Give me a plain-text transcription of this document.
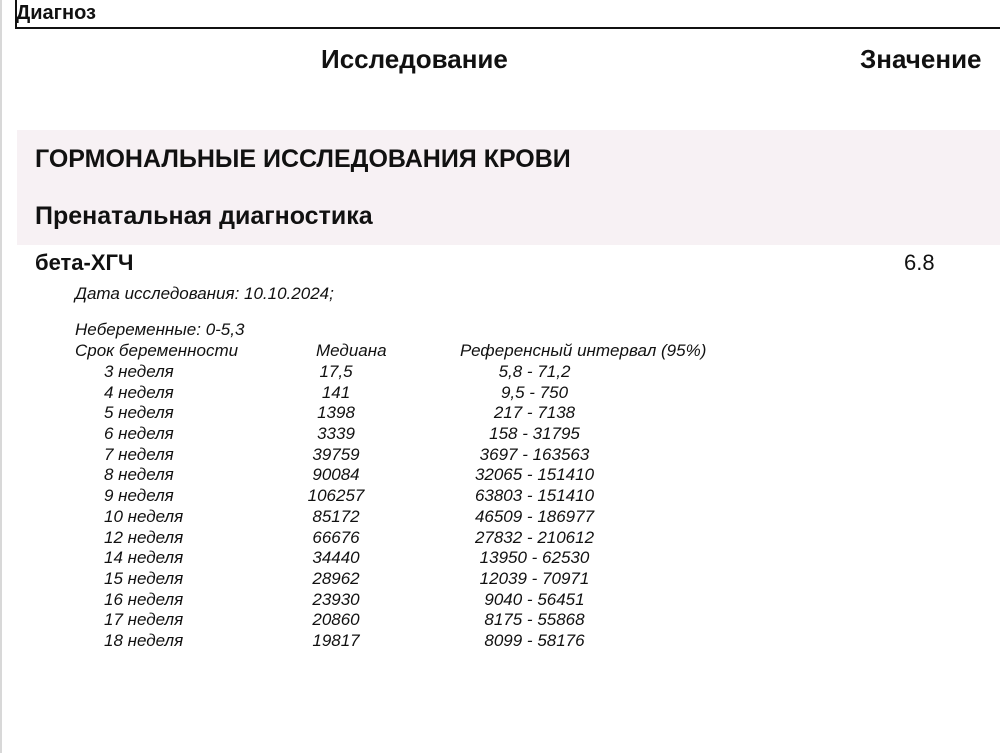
Диагноз
Исследование	Значение
ГОРМОНАЛЬНЫЕ ИССЛЕДОВАНИЯ КРОВИ
Пренатальная диагностика
бета-ХГЧ	6.8
Дата исследования: 10.10.2024;
Небеременные: 0-5,3
Срок беременности	Медиана	Референсный интервал (95%)
3 неделя	17,5	5,8 - 71,2
4 неделя	141	9,5 - 750
5 неделя	1398	217 - 7138
6 неделя	3339	158 - 31795
7 неделя	39759	3697 - 163563
8 неделя	90084	32065 - 151410
9 неделя	106257	63803 - 151410
10 неделя	85172	46509 - 186977
12 неделя	66676	27832 - 210612
14 неделя	34440	13950 - 62530
15 неделя	28962	12039 - 70971
16 неделя	23930	9040 - 56451
17 неделя	20860	8175 - 55868
18 неделя	19817	8099 - 58176
